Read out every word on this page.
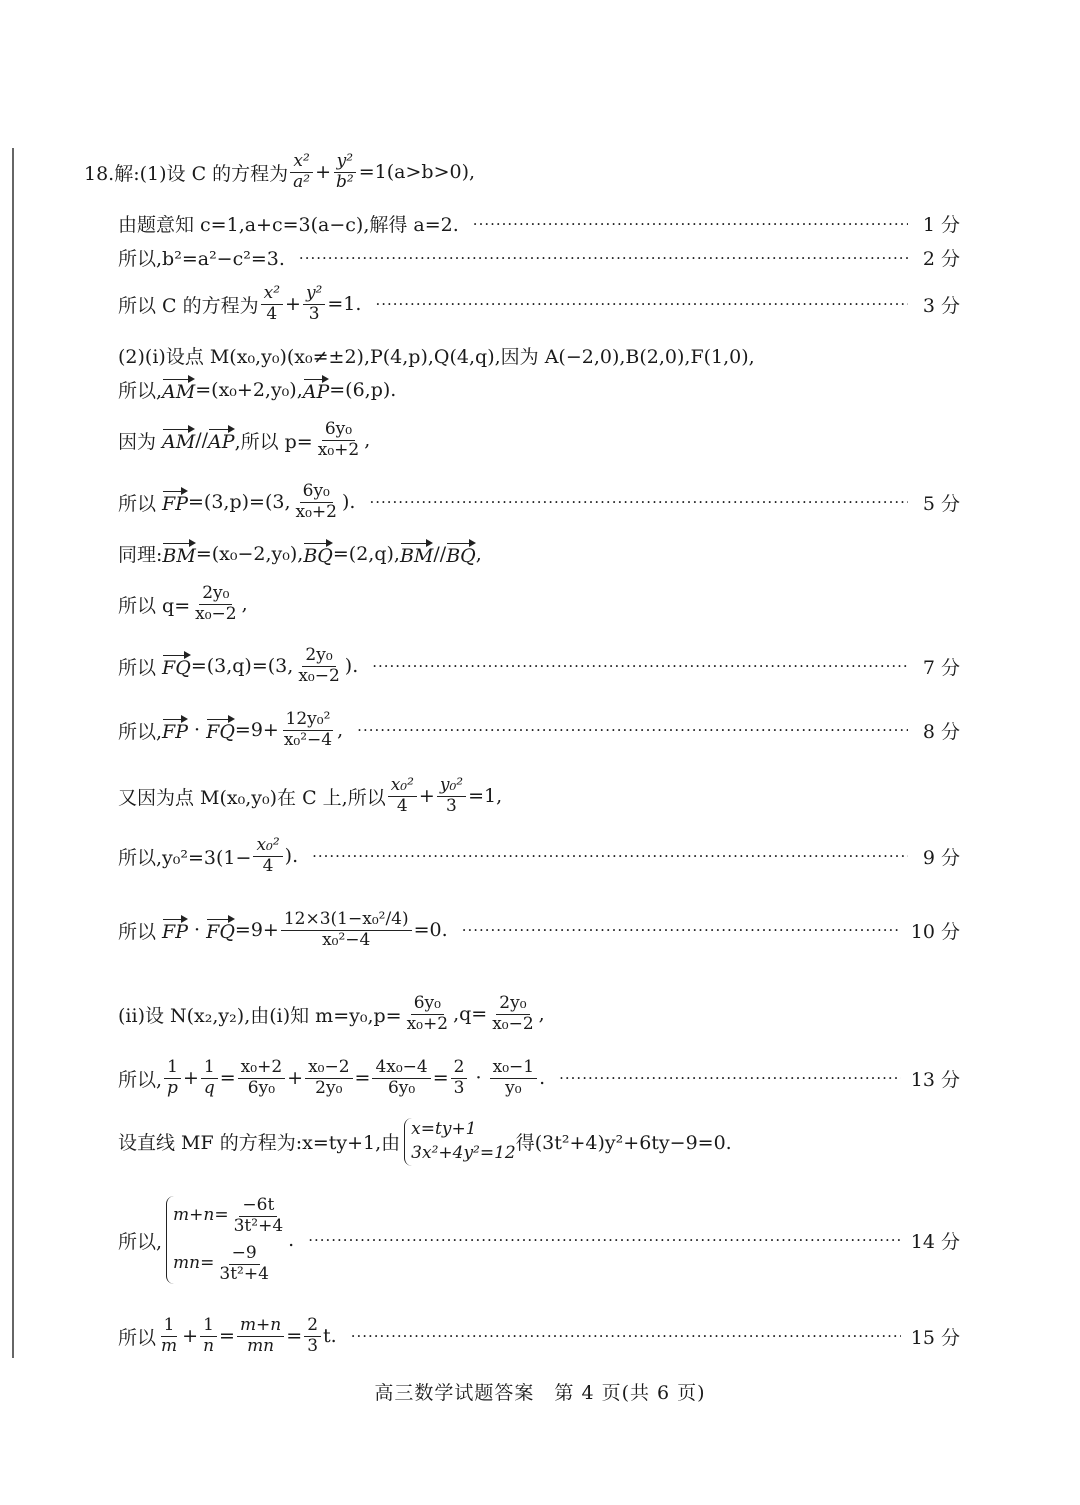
18.解:(1)设 C 的方程为 $\frac{\text{x²}}{\text{a²}} + \frac{\text{y²}}{\text{b²}} =1(a>b>0)$,
由题意知 c=1,a+c=3(a−c),解得 a=2. ·····	1 分
所以,b²=a²−c²=3. ·····	2 分
所以 C 的方程为 $\frac{\text{x²}}{4} + \frac{\text{y²}}{3} =1$. ·····	3 分
(2)(i)设点 M(x₀,y₀)(x₀≠±2),P(4,p),Q(4,q),因为 A(−2,0),B(2,0),F(1,0),
所以, AM =(x₀+2,y₀), AP =(6,p).
因为 AM // AP ,所以 $p= \frac{\text{6y₀}}{\text{x₀+2}}$ ,
所以 FP =(3,p)=(3, $\frac{\text{6y₀}}{\text{x₀+2}}$ ). ·····	5 分
同理: BM =(x₀−2,y₀), BQ =(2,q), BM // BQ ,
所以 $q= \frac{\text{2y₀}}{\text{x₀−2}}$ ,
所以 FQ =(3,q)=(3, $\frac{\text{2y₀}}{\text{x₀−2}}$ ). ·····	7 分
所以, FP · FQ $=9+ \frac{\text{12y₀²}}{\text{x₀²−4}}$ , ·····	8 分
又因为点 M(x₀,y₀)在 C 上,所以 $\frac{\text{x₀²}}{4} + \frac{\text{y₀²}}{3} =1$,
所以$,y_0^2=3(1- \frac{\text{x₀²}}{4}$ ). ·····	9 分
所以 FP · FQ $=9+ \frac{\text{12×3(1−x₀²/4)}}{\text{x₀²−4}} =0$. ·····	10 分
(ii)设 N(x₂,y₂),由(i)知 $m=y_0,p= \frac{\text{6y₀}}{\text{x₀+2}} ,q= \frac{\text{2y₀}}{\text{x₀−2}}$ ,
所以, $\frac{1}{p} + \frac{1}{q} = \frac{\text{x₀+2}}{\text{6y₀}} + \frac{\text{x₀−2}}{\text{2y₀}} = \frac{\text{4x₀−4}}{\text{6y₀}} = \frac{2}{3} \cdot \frac{\text{x₀−1}}{\text{y₀}}$ . ·····	13 分
设直线 MF 的方程为:x=ty+1,由
x=ty+1
3x²+4y²=12 得(3t²+4)y²+6ty−9=0.
所以,
$m+n= \frac{-6t}{\text{3t²+4}}$
$mn= \frac{-9}{\text{3t²+4}}$
. ·····	14 分
所以 $\frac{1}{m} + \frac{1}{n} = \frac{m+n}{mn} = \frac{2}{3} t$. ·····	15 分
高三数学试题答案　第 4 页(共 6 页)
